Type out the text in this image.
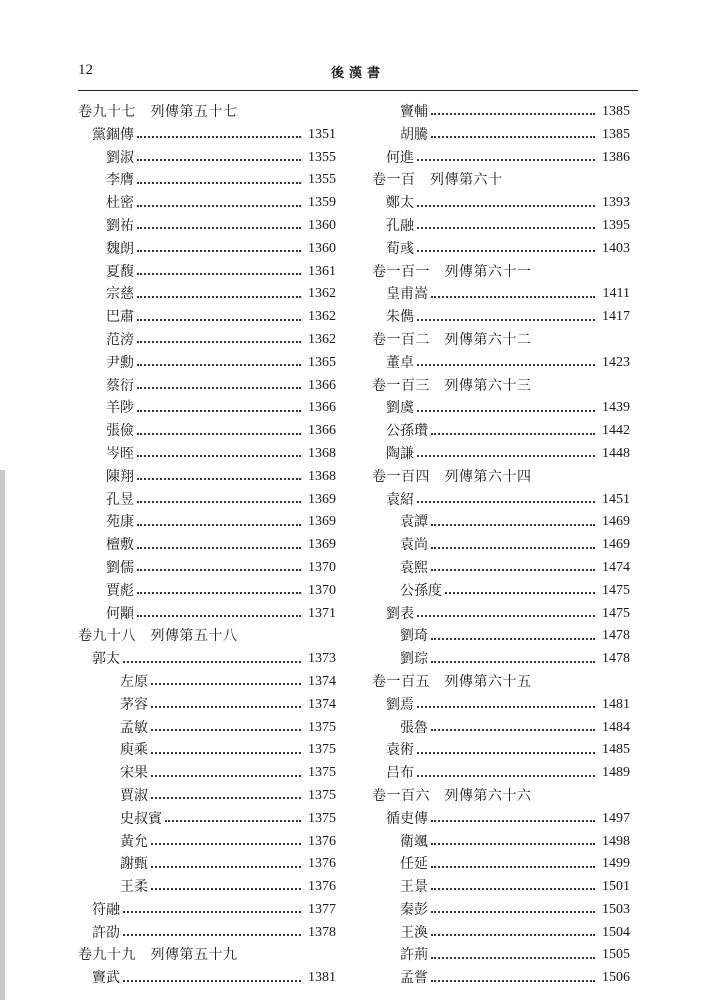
12	後漢書
卷九十七　列傳第五十七
黨錮傳	1351
劉淑	1355
李膺	1355
杜密	1359
劉祐	1360
魏朗	1360
夏馥	1361
宗慈	1362
巴肅	1362
范滂	1362
尹勳	1365
蔡衍	1366
羊陟	1366
張儉	1366
岑晊	1368
陳翔	1368
孔昱	1369
苑康	1369
檀敷	1369
劉儒	1370
賈彪	1370
何顒	1371
卷九十八　列傳第五十八
郭太	1373
左原	1374
茅容	1374
孟敏	1375
庾乘	1375
宋果	1375
賈淑	1375
史叔賓	1375
黃允	1376
謝甄	1376
王柔	1376
符融	1377
許劭	1378
卷九十九　列傳第五十九
竇武	1381
竇輔	1385
胡騰	1385
何進	1386
卷一百　列傳第六十
鄭太	1393
孔融	1395
荀彧	1403
卷一百一　列傳第六十一
皇甫嵩	1411
朱儁	1417
卷一百二　列傳第六十二
董卓	1423
卷一百三　列傳第六十三
劉虞	1439
公孫瓚	1442
陶謙	1448
卷一百四　列傳第六十四
袁紹	1451
袁譚	1469
袁尚	1469
袁熙	1474
公孫度	1475
劉表	1475
劉琦	1478
劉琮	1478
卷一百五　列傳第六十五
劉焉	1481
張魯	1484
袁術	1485
吕布	1489
卷一百六　列傳第六十六
循吏傳	1497
衛颯	1498
任延	1499
王景	1501
秦彭	1503
王渙	1504
許荊	1505
孟嘗	1506
